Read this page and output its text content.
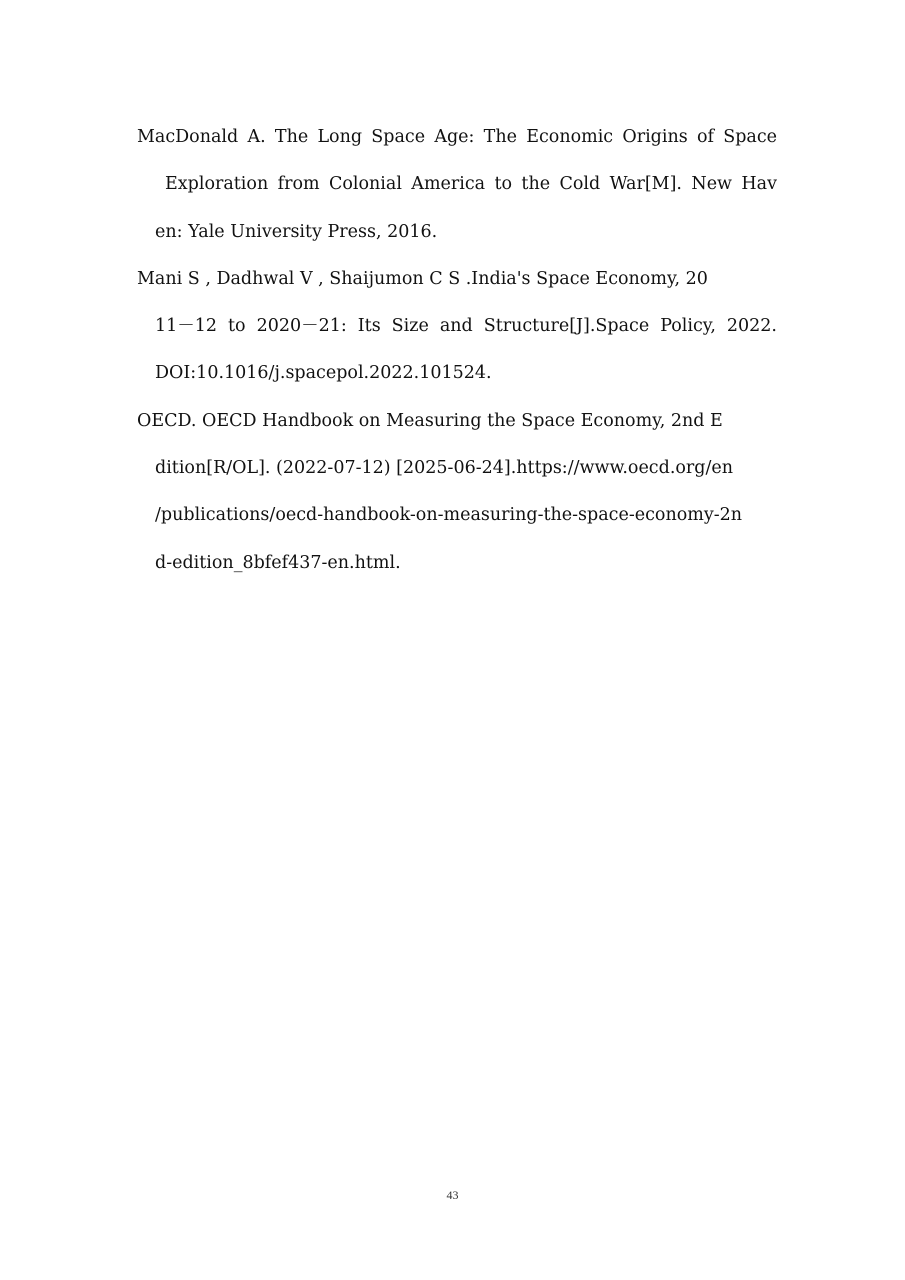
MacDonald A. The Long Space Age: The Economic Origins of Space
Exploration from Colonial America to the Cold War[M]. New Hav
en: Yale University Press, 2016.
Mani S , Dadhwal V , Shaijumon C S .India's Space Economy, 20
11－12 to 2020－21: Its Size and Structure[J].Space Policy, 2022.
DOI:10.1016/j.spacepol.2022.101524.
OECD. OECD Handbook on Measuring the Space Economy, 2nd E
dition[R/OL]. (2022-07-12) [2025-06-24].https://www.oecd.org/en
/publications/oecd-handbook-on-measuring-the-space-economy-2n
d-edition_8bfef437-en.html.
43
